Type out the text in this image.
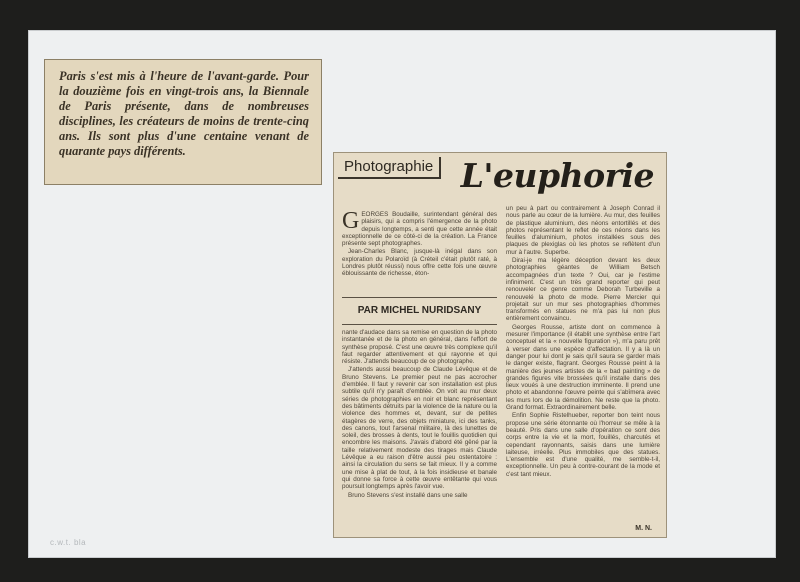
c.w.t. bla

Paris s'est mis à l'heure de l'avant-garde. Pour la douzième fois en vingt-trois ans, la Biennale de Paris présente, dans de nombreuses disciplines, les créateurs de moins de trente-cinq ans. Ils sont plus d'une centaine venant de quarante pays différents.

Photographie L'euphorie

GEORGES Boudaille, surintendant général des plaisirs, qui a compris l'émergence de la photo depuis longtemps, a senti que cette année était exceptionnelle de ce côté-ci de la création. La France présente sept photographes.

Jean-Charles Blanc, jusque-là inégal dans son exploration du Polaroïd (à Créteil c'était plutôt raté, à Londres plutôt réussi) nous offre cette fois une œuvre éblouissante de richesse, éton-

PAR MICHEL NURIDSANY

nante d'audace dans sa remise en question de la photo instantanée et de la photo en général, dans l'effort de synthèse proposé. C'est une œuvre très complexe qu'il faut regarder attentivement et qui rayonne et qui résiste. J'attends beaucoup de ce photographe.

J'attends aussi beaucoup de Claude Lévêque et de Bruno Stevens. Le premier peut ne pas accrocher d'emblée. Il faut y revenir car son installation est plus subtile qu'il n'y paraît d'emblée. On voit au mur deux séries de photographies en noir et blanc représentant des bâtiments détruits par la violence de la nature ou la violence des hommes et, devant, sur de petites étagères de verre, des objets miniature, ici des tanks, des canons, tout l'arsenal militaire, là des lunettes de soleil, des brosses à dents, tout le fouillis quotidien qui encombre les maisons. J'avais d'abord été gêné par la taille relativement modeste des tirages mais Claude Lévêque a eu raison d'être aussi peu ostentatoire : ainsi la circulation du sens se fait mieux. Il y a comme une mise à plat de tout, à la fois insidieuse et banale qui donne sa force à cette œuvre entêtante qui vous poursuit longtemps après l'avoir vue.

Bruno Stevens s'est installé dans une salle

un peu à part ou contrairement à Joseph Conrad il nous parle au cœur de la lumière. Au mur, des feuilles de plastique aluminium, des néons entortillés et des photos représentant le reflet de ces néons dans les feuilles d'aluminium, photos installées sous des plaques de plexiglas où les photos se reflètent d'un mur à l'autre. Superbe.

Dirai-je ma légère déception devant les deux photographies géantes de William Betsch accompagnées d'un texte ? Oui, car je l'estime infiniment. C'est un très grand reporter qui peut renouveler ce genre comme Deborah Turbeville a renouvelé la photo de mode. Pierre Mercier qui projetait sur un mur ses photographies d'hommes transformés en statues ne m'a pas lui non plus entièrement convaincu.

Georges Rousse, artiste dont on commence à mesurer l'importance (il établit une synthèse entre l'art conceptuel et la « nouvelle figuration »), m'a paru prêt à verser dans une espèce d'affectation. Il y a là un danger pour lui dont je sais qu'il saura se garder mais le danger existe, flagrant. Georges Rousse peint à la manière des jeunes artistes de la « bad painting » de grandes figures vite brossées qu'il installe dans des lieux voués à une destruction imminente. Il prend une photo et abandonne l'œuvre peinte qui s'abîmera avec les murs lors de la démolition. Ne reste que la photo. Grand format. Extraordinairement belle.

Enfin Sophie Ristelhueber, reporter bon teint nous propose une série étonnante où l'horreur se mêle à la beauté. Pris dans une salle d'opération ce sont des corps entre la vie et la mort, fouillés, charcutés et cependant rayonnants, saisis dans une lumière laiteuse, irréelle. Plus immobiles que des statues. L'ensemble est d'une qualité, me semble-t-il, exceptionnelle. Un peu à contre-courant de la mode et c'est tant mieux.

M. N.
